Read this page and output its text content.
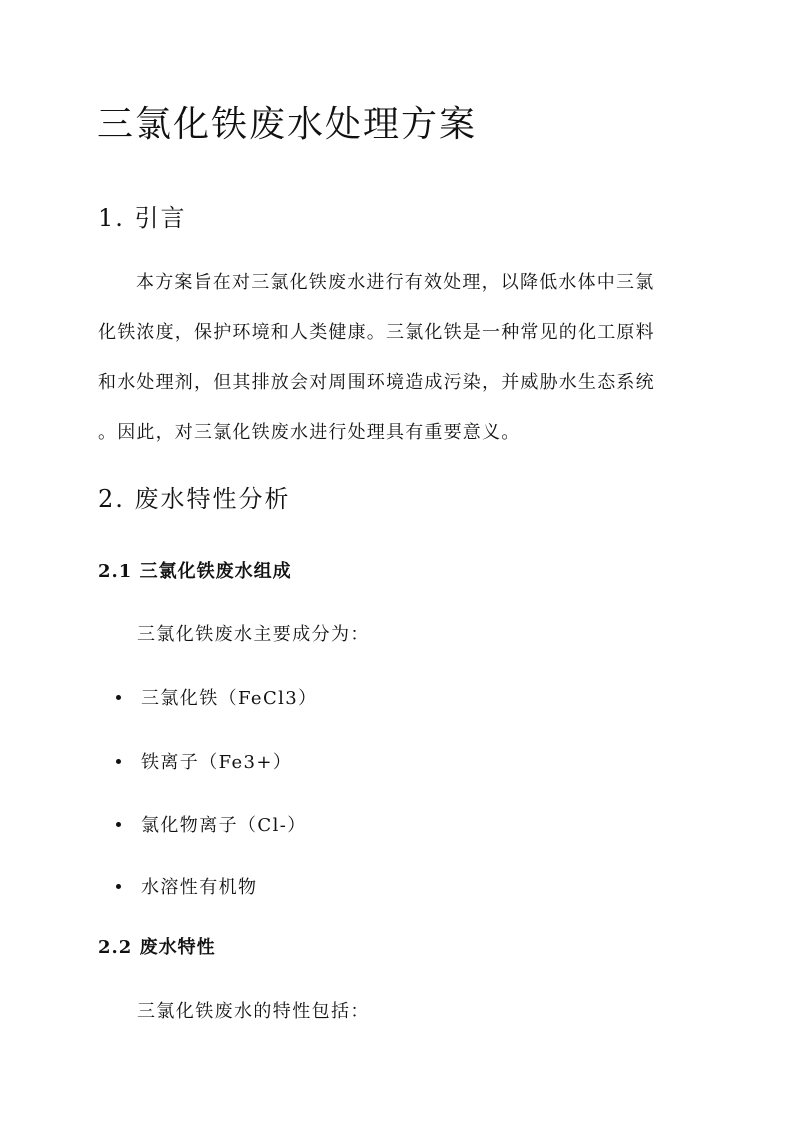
三氯化铁废水处理方案
1. 引言
本方案旨在对三氯化铁废水进行有效处理，以降低水体中三氯
化铁浓度，保护环境和人类健康。三氯化铁是一种常见的化工原料
和水处理剂，但其排放会对周围环境造成污染，并威胁水生态系统
。因此，对三氯化铁废水进行处理具有重要意义。
2. 废水特性分析
2.1 三氯化铁废水组成

三氯化铁废水主要成分为：

三氯化铁（FeCl3）
铁离子（Fe3+）
氯化物离子（Cl-）
水溶性有机物
2.2 废水特性

三氯化铁废水的特性包括：
